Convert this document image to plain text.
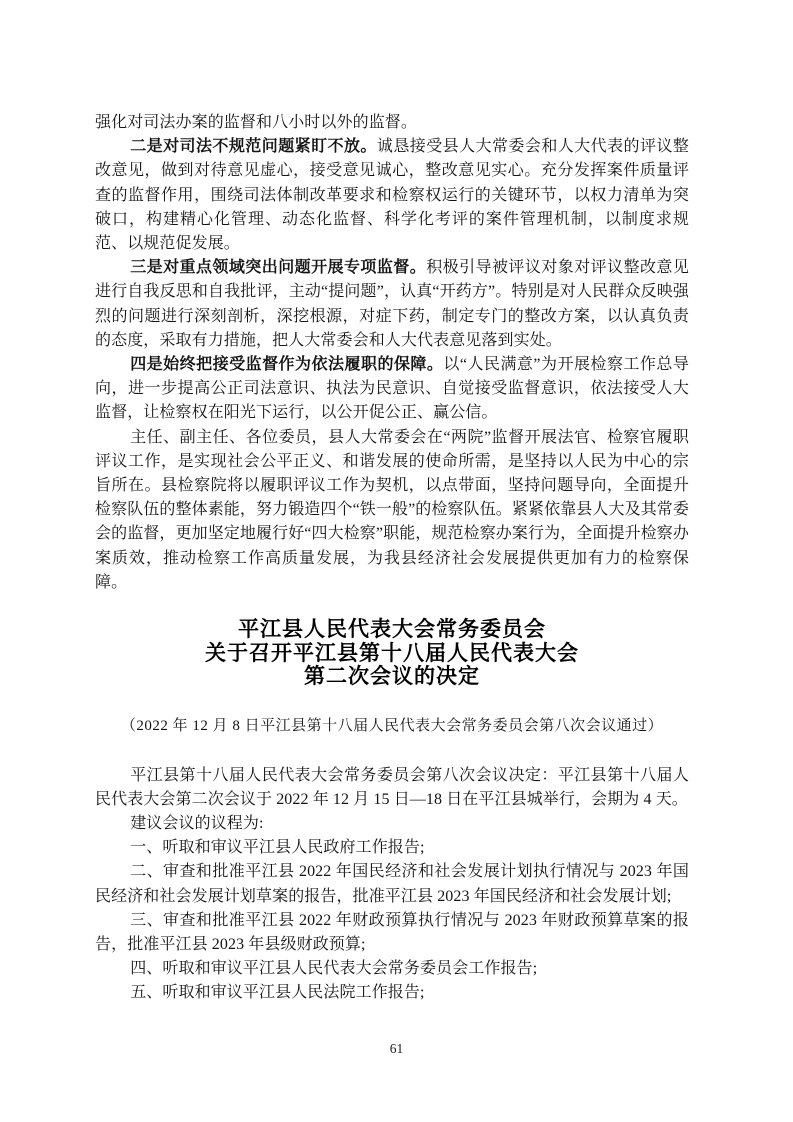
强化对司法办案的监督和八小时以外的监督。

二是对司法不规范问题紧盯不放。诚恳接受县人大常委会和人大代表的评议整改意见，做到对待意见虚心，接受意见诚心，整改意见实心。充分发挥案件质量评查的监督作用，围绕司法体制改革要求和检察权运行的关键环节，以权力清单为突破口，构建精心化管理、动态化监督、科学化考评的案件管理机制，以制度求规范、以规范促发展。

三是对重点领域突出问题开展专项监督。积极引导被评议对象对评议整改意见进行自我反思和自我批评，主动“提问题”，认真“开药方”。特别是对人民群众反映强烈的问题进行深刻剖析，深挖根源，对症下药，制定专门的整改方案，以认真负责的态度，采取有力措施，把人大常委会和人大代表意见落到实处。

四是始终把接受监督作为依法履职的保障。以“人民满意”为开展检察工作总导向，进一步提高公正司法意识、执法为民意识、自觉接受监督意识，依法接受人大监督，让检察权在阳光下运行，以公开促公正、赢公信。

主任、副主任、各位委员，县人大常委会在“两院”监督开展法官、检察官履职评议工作，是实现社会公平正义、和谐发展的使命所需，是坚持以人民为中心的宗旨所在。县检察院将以履职评议工作为契机，以点带面，坚持问题导向，全面提升检察队伍的整体素能，努力锻造四个“铁一般”的检察队伍。紧紧依靠县人大及其常委会的监督，更加坚定地履行好“四大检察”职能，规范检察办案行为，全面提升检察办案质效，推动检察工作高质量发展，为我县经济社会发展提供更加有力的检察保障。

平江县人民代表大会常务委员会
关于召开平江县第十八届人民代表大会
第二次会议的决定

（2022 年 12 月 8 日平江县第十八届人民代表大会常务委员会第八次会议通过）

平江县第十八届人民代表大会常务委员会第八次会议决定：平江县第十八届人民代表大会第二次会议于 2022 年 12 月 15 日—18 日在平江县城举行，会期为 4 天。

建议会议的议程为:

一、听取和审议平江县人民政府工作报告;

二、审查和批准平江县 2022 年国民经济和社会发展计划执行情况与 2023 年国民经济和社会发展计划草案的报告，批准平江县 2023 年国民经济和社会发展计划;

三、审查和批准平江县 2022 年财政预算执行情况与 2023 年财政预算草案的报告，批准平江县 2023 年县级财政预算;

四、听取和审议平江县人民代表大会常务委员会工作报告;

五、听取和审议平江县人民法院工作报告;

61
